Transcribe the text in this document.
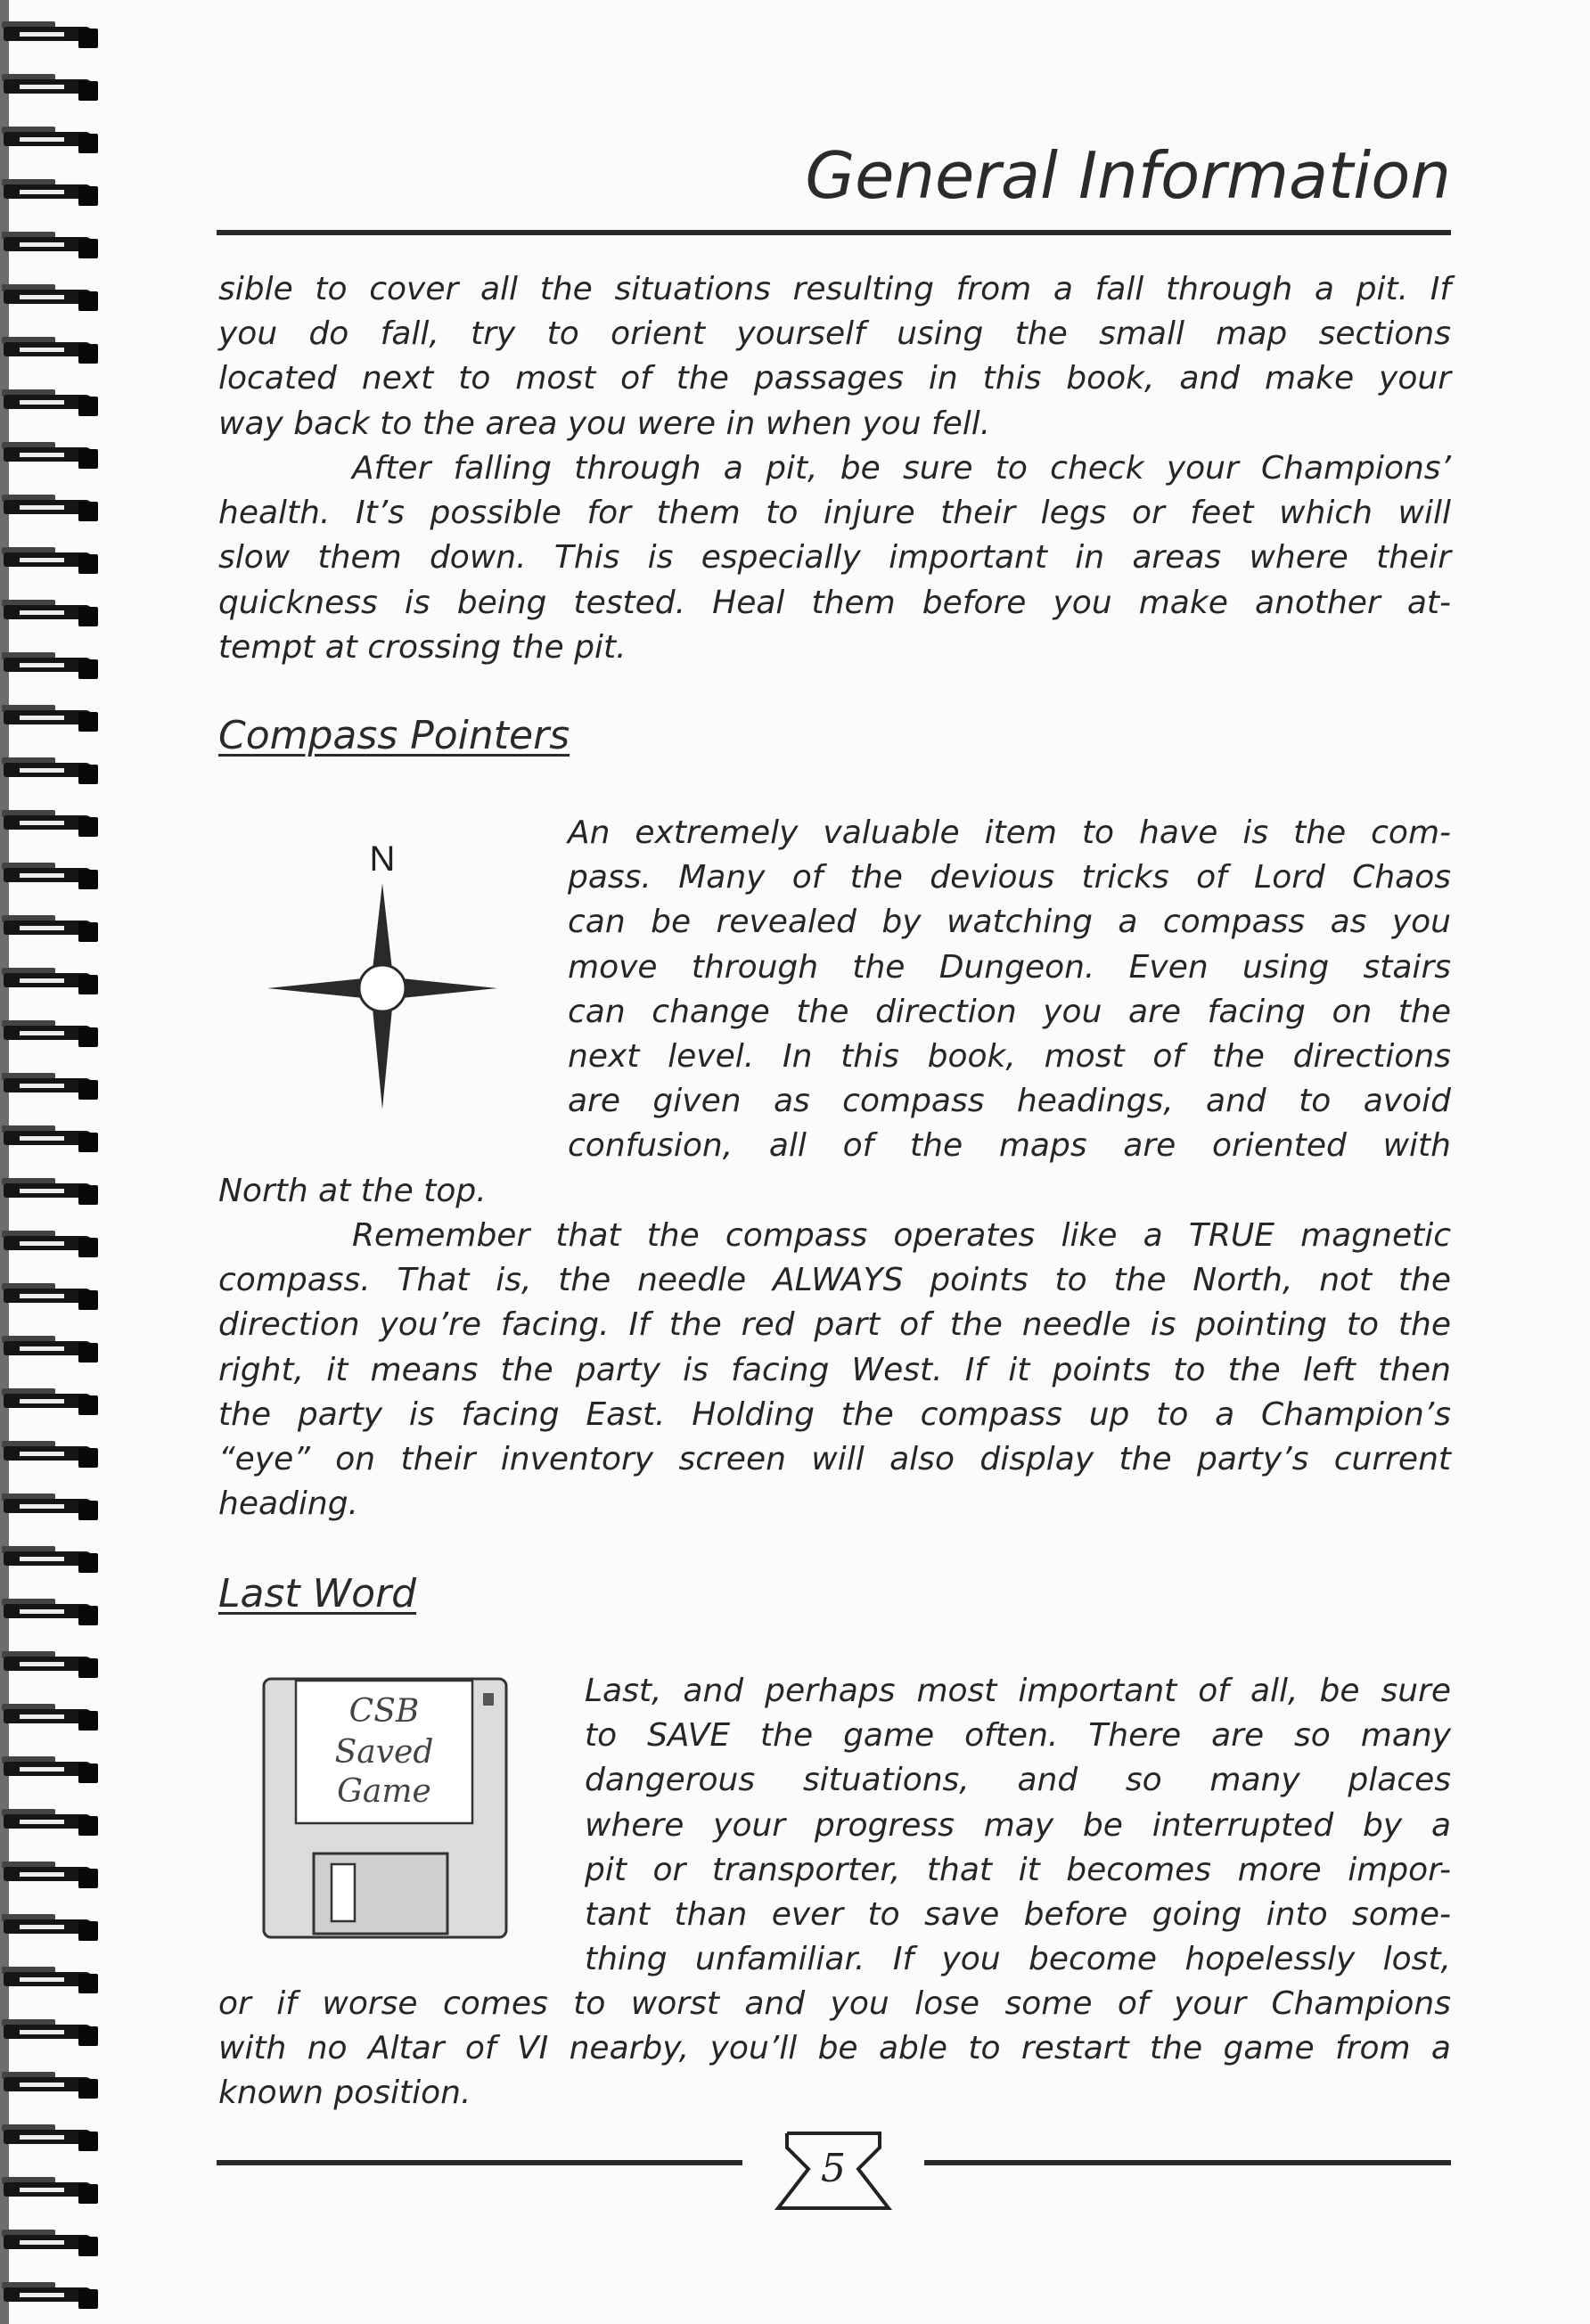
General Information
sible to cover all the situations resulting from a fall through a pit. If
you do fall, try to orient yourself using the small map sections
located next to most of the passages in this book, and make your
way back to the area you were in when you fell.
After falling through a pit, be sure to check your Champions’
health. It’s possible for them to injure their legs or feet which will
slow them down. This is especially important in areas where their
quickness is being tested. Heal them before you make another at-
tempt at crossing the pit.
Compass Pointers
N
An extremely valuable item to have is the com-
pass. Many of the devious tricks of Lord Chaos
can be revealed by watching a compass as you
move through the Dungeon. Even using stairs
can change the direction you are facing on the
next level. In this book, most of the directions
are given as compass headings, and to avoid
confusion, all of the maps are oriented with
North at the top.
Remember that the compass operates like a TRUE magnetic
compass. That is, the needle ALWAYS points to the North, not the
direction you’re facing. If the red part of the needle is pointing to the
right, it means the party is facing West. If it points to the left then
the party is facing East. Holding the compass up to a Champion’s
“eye” on their inventory screen will also display the party’s current
heading.
Last Word
CSB
Saved
Game
Last, and perhaps most important of all, be sure
to SAVE the game often. There are so many
dangerous situations, and so many places
where your progress may be interrupted by a
pit or transporter, that it becomes more impor-
tant than ever to save before going into some-
thing unfamiliar. If you become hopelessly lost,
or if worse comes to worst and you lose some of your Champions
with no Altar of VI nearby, you’ll be able to restart the game from a
known position.
5
